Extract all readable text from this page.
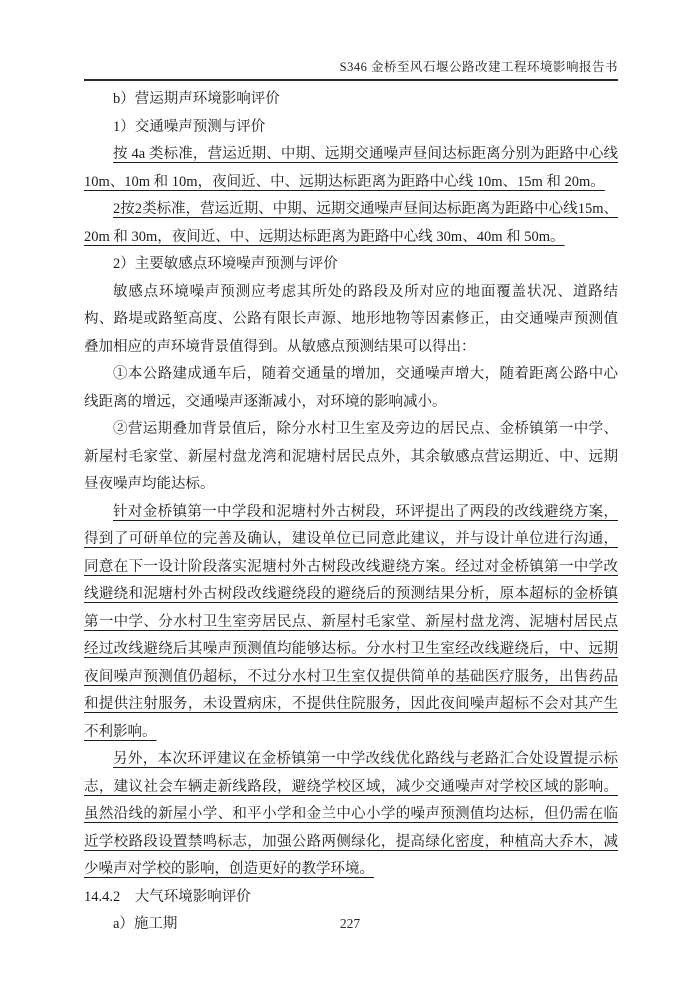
S346 金桥至风石堰公路改建工程环境影响报告书

b）营运期声环境影响评价

1）交通噪声预测与评价

按 4a 类标准，营运近期、中期、远期交通噪声昼间达标距离分别为距路中心线 10m、10m 和 10m，夜间近、中、远期达标距离为距路中心线 10m、15m 和 20m。

2按2类标准，营运近期、中期、远期交通噪声昼间达标距离为距路中心线15m、20m 和 30m，夜间近、中、远期达标距离为距路中心线 30m、40m 和 50m。

2）主要敏感点环境噪声预测与评价

敏感点环境噪声预测应考虑其所处的路段及所对应的地面覆盖状况、道路结构、路堤或路堑高度、公路有限长声源、地形地物等因素修正，由交通噪声预测值叠加相应的声环境背景值得到。从敏感点预测结果可以得出：

①本公路建成通车后，随着交通量的增加，交通噪声增大，随着距离公路中心线距离的增远，交通噪声逐渐减小，对环境的影响减小。

②营运期叠加背景值后，除分水村卫生室及旁边的居民点、金桥镇第一中学、新屋村毛家堂、新屋村盘龙湾和泥塘村居民点外，其余敏感点营运期近、中、远期昼夜噪声均能达标。

针对金桥镇第一中学段和泥塘村外古树段，环评提出了两段的改线避绕方案，得到了可研单位的完善及确认，建设单位已同意此建议，并与设计单位进行沟通，同意在下一设计阶段落实泥塘村外古树段改线避绕方案。经过对金桥镇第一中学改线避绕和泥塘村外古树段改线避绕段的避绕后的预测结果分析，原本超标的金桥镇第一中学、分水村卫生室旁居民点、新屋村毛家堂、新屋村盘龙湾、泥塘村居民点经过改线避绕后其噪声预测值均能够达标。分水村卫生室经改线避绕后，中、远期夜间噪声预测值仍超标，不过分水村卫生室仅提供简单的基础医疗服务，出售药品和提供注射服务，未设置病床，不提供住院服务，因此夜间噪声超标不会对其产生不利影响。

另外，本次环评建议在金桥镇第一中学改线优化路线与老路汇合处设置提示标志，建议社会车辆走新线路段，避绕学校区域，减少交通噪声对学校区域的影响。虽然沿线的新屋小学、和平小学和金兰中心小学的噪声预测值均达标，但仍需在临近学校路段设置禁鸣标志，加强公路两侧绿化，提高绿化密度，种植高大乔木，减少噪声对学校的影响，创造更好的教学环境。

14.4.2　大气环境影响评价

a）施工期	227
